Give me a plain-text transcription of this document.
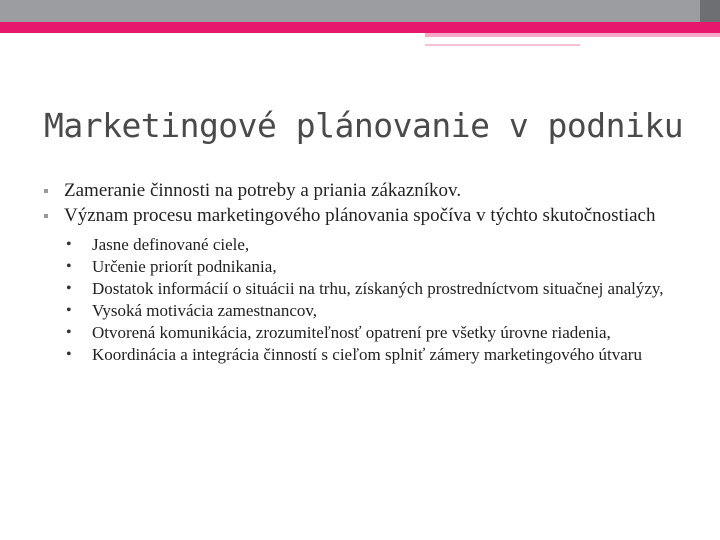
Marketingové plánovanie v podniku
Zameranie činnosti na potreby a priania zákazníkov.
Význam procesu marketingového plánovania spočíva v týchto skutočnostiach
• Jasne definované ciele,
• Určenie priorít podnikania,
• Dostatok informácií o situácii na trhu, získaných prostredníctvom situačnej analýzy,
• Vysoká motivácia zamestnancov,
• Otvorená komunikácia, zrozumiteľnosť opatrení pre všetky úrovne riadenia,
• Koordinácia a integrácia činností s cieľom splniť zámery marketingového útvaru
